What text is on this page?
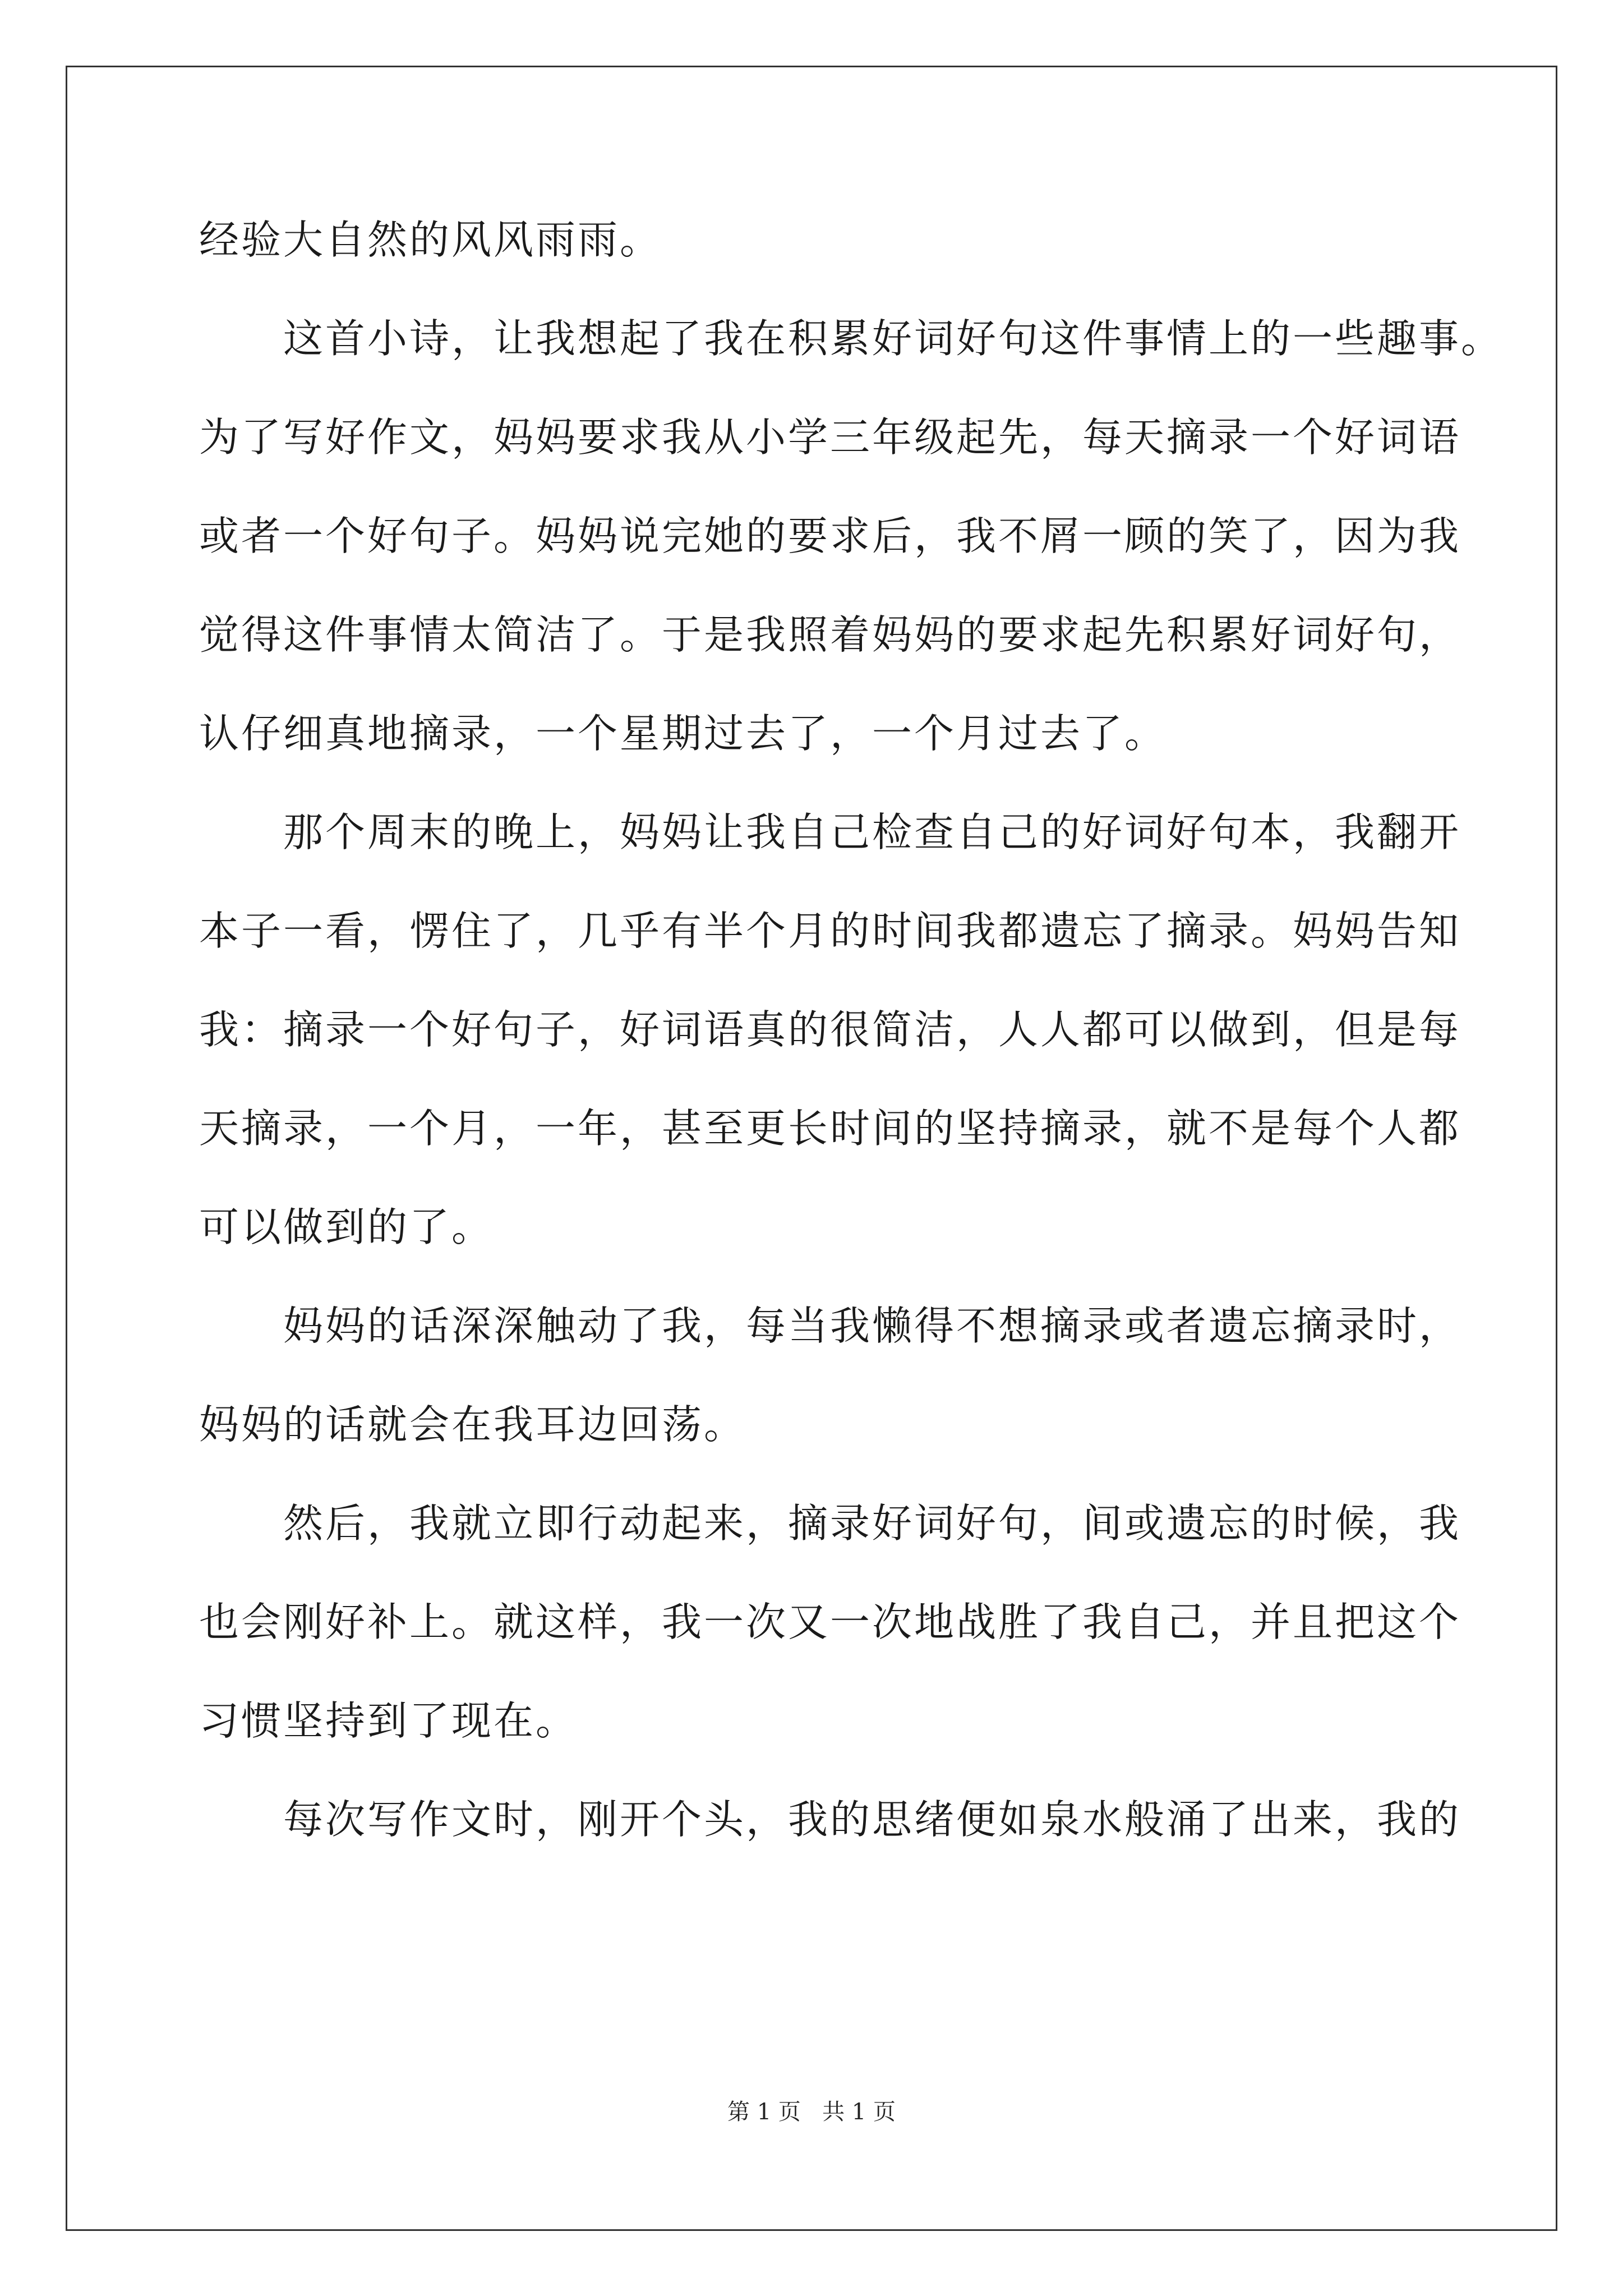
经验大自然的风风雨雨。
这首小诗，让我想起了我在积累好词好句这件事情上的一些趣事。
为了写好作文，妈妈要求我从小学三年级起先，每天摘录一个好词语
或者一个好句子。妈妈说完她的要求后，我不屑一顾的笑了，因为我
觉得这件事情太简洁了。于是我照着妈妈的要求起先积累好词好句，
认仔细真地摘录，一个星期过去了，一个月过去了。
那个周末的晚上，妈妈让我自己检查自己的好词好句本，我翻开
本子一看，愣住了，几乎有半个月的时间我都遗忘了摘录。妈妈告知
我：摘录一个好句子，好词语真的很简洁，人人都可以做到，但是每
天摘录，一个月，一年，甚至更长时间的坚持摘录，就不是每个人都
可以做到的了。
妈妈的话深深触动了我，每当我懒得不想摘录或者遗忘摘录时，
妈妈的话就会在我耳边回荡。
然后，我就立即行动起来，摘录好词好句，间或遗忘的时候，我
也会刚好补上。就这样，我一次又一次地战胜了我自己，并且把这个
习惯坚持到了现在。
每次写作文时，刚开个头，我的思绪便如泉水般涌了出来，我的
第 1 页   共 1 页
